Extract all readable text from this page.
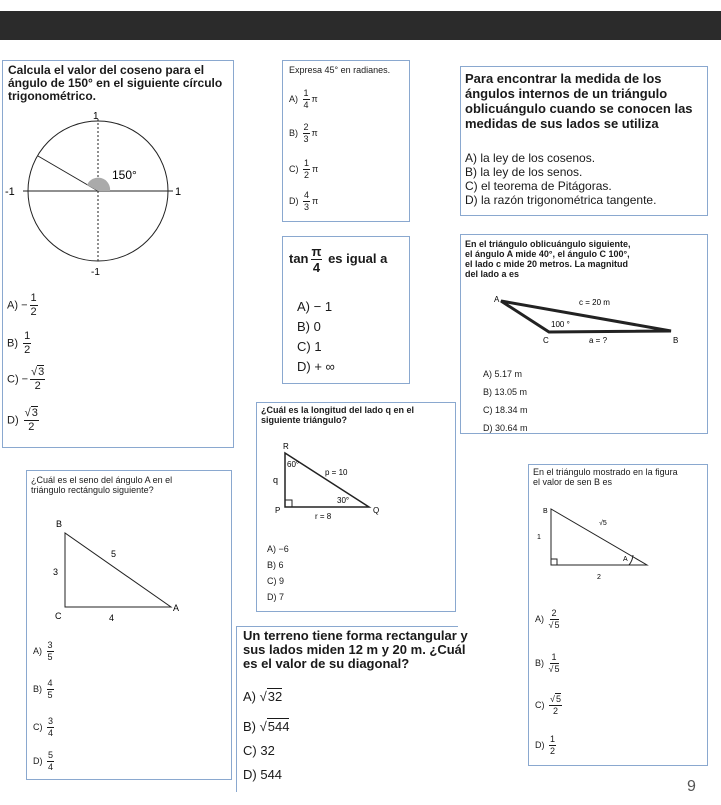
Calcula el valor del coseno para el
ángulo de 150° en el siguiente círculo
trigonométrico.
1
-1
-1	1
150°
$A) - \frac{1}{2}$
$B) \frac{1}{2}$
$C) - \frac{√3}{2}$
$D) \frac{√3}{2}$
Expresa 45° en radianes.
$A) \frac{1}{4}$ π
$B) \frac{2}{3}$ π
$C) \frac{1}{2}$ π
$D) \frac{4}{3}$ π
Para encontrar la medida de los
ángulos internos de un triángulo
oblicuángulo cuando se conocen las
medidas de sus lados se utiliza
A) la ley de los cosenos.
B) la ley de los senos.
C) el teorema de Pitágoras.
D) la razón trigonométrica tangente.
$\tan \frac{\pi}{4}$ es igual a
A) − 1
B) 0
C) 1
D) + ∞
En el triángulo oblicuángulo siguiente,
el ángulo A mide 40°, el ángulo C 100°,
el lado c mide 20 metros. La magnitud
del lado a es
A
B
C
c = 20 m
a = ?
100 °
A) 5.17 m
B) 13.05 m
C) 18.34 m
D) 30.64 m
¿Cuál es la longitud del lado q en el
siguiente triángulo?
R
P	Q
q
p = 10
r = 8
60°
30°
A) −6
B) 6
C) 9
D) 7
¿Cuál es el seno del ángulo A en el
triángulo rectángulo siguiente?
B
C
A
5
3
4
$A) \frac{3}{5}$
$B) \frac{4}{5}$
$C) \frac{3}{4}$
$D) \frac{5}{4}$
Un terreno tiene forma rectangular y
sus lados miden 12 m y 20 m. ¿Cuál
es el valor de su diagonal?
A) √32
B) √544
C) 32
D) 544
En el triángulo mostrado en la figura
el valor de sen B es
B
A
√5
1
2
$A) \frac{2}{√5}$
$B) \frac{1}{√5}$
$C) \frac{√5}{2}$
$D) \frac{1}{2}$
9
